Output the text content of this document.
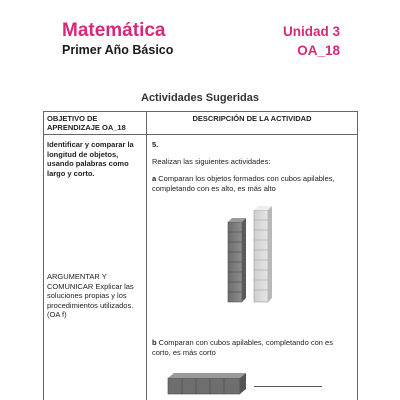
Matemática
Primer Año Básico
Unidad 3
OA_18
Actividades Sugeridas
OBJETIVO DE
APRENDIZAJE OA_18
DESCRIPCIÓN DE LA ACTIVIDAD
Identificar y comparar la
longitud de objetos,
usando palabras como
largo y corto.
ARGUMENTAR Y
COMUNICAR Explicar las
soluciones propias y los
procedimientos utilizados.
(OA f)
5.
Realizan las siguientes actividades:
a Comparan los objetos formados con cubos apilables,
completando con es alto, es más alto
b Comparan con cubos apilables, completando con es
corto, es más corto
